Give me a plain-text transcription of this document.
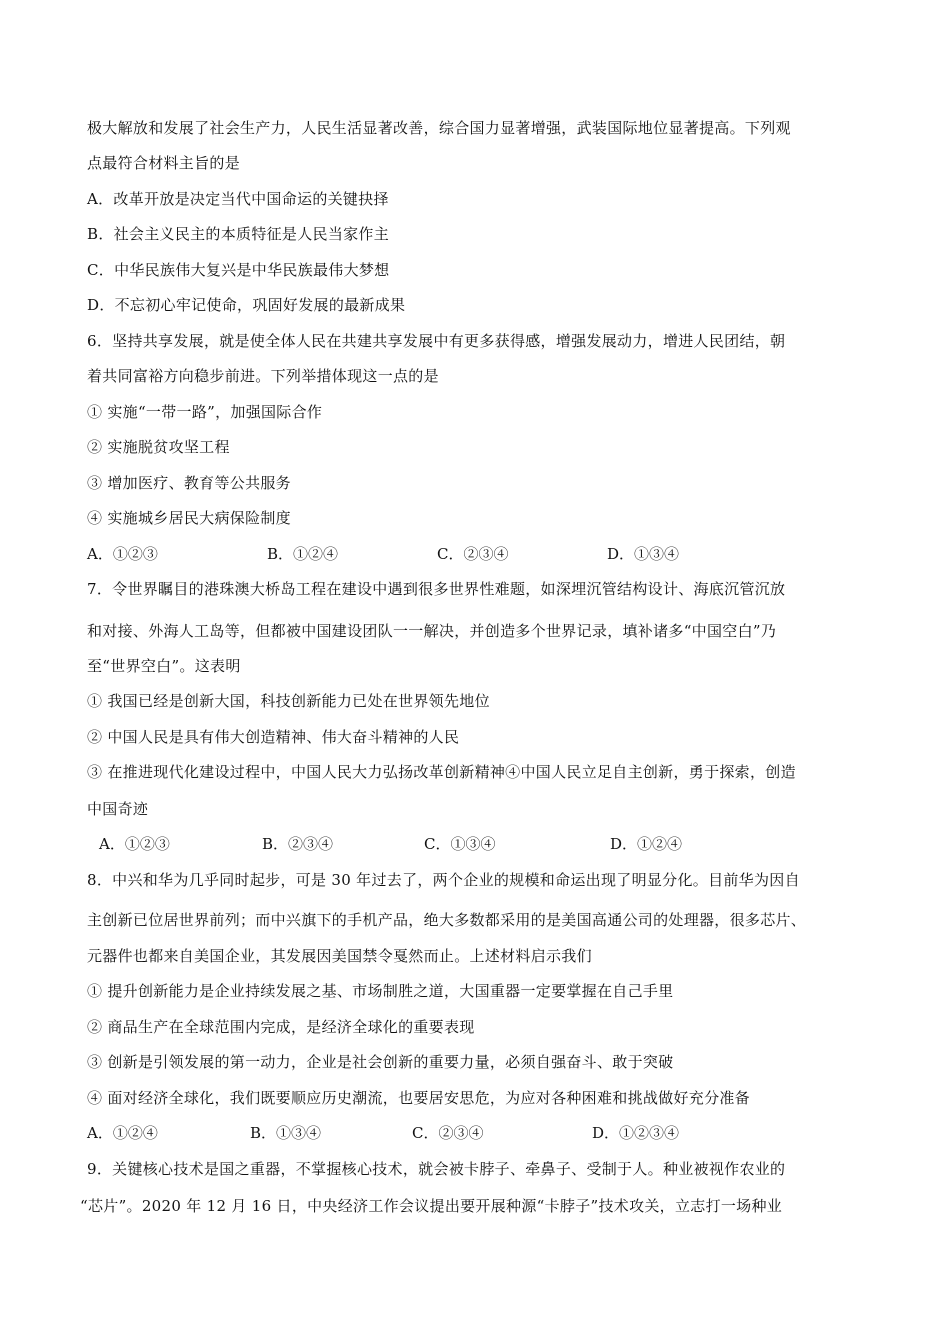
极大解放和发展了社会生产力，人民生活显著改善，综合国力显著增强，武装国际地位显著提高。下列观
点最符合材料主旨的是
A．改革开放是决定当代中国命运的关键抉择
B．社会主义民主的本质特征是人民当家作主
C．中华民族伟大复兴是中华民族最伟大梦想
D．不忘初心牢记使命，巩固好发展的最新成果
6．坚持共享发展，就是使全体人民在共建共享发展中有更多获得感，增强发展动力，增进人民团结，朝
着共同富裕方向稳步前进。下列举措体现这一点的是
① 实施“一带一路”，加强国际合作
② 实施脱贫攻坚工程
③ 增加医疗、教育等公共服务
④ 实施城乡居民大病保险制度
A．①②③	B．①②④	C．②③④	D．①③④
7．令世界瞩目的港珠澳大桥岛工程在建设中遇到很多世界性难题，如深埋沉管结构设计、海底沉管沉放
和对接、外海人工岛等，但都被中国建设团队一一解决，并创造多个世界记录，填补诸多“中国空白”乃
至“世界空白”。这表明
① 我国已经是创新大国，科技创新能力已处在世界领先地位
② 中国人民是具有伟大创造精神、伟大奋斗精神的人民
③ 在推进现代化建设过程中，中国人民大力弘扬改革创新精神④中国人民立足自主创新，勇于探索，创造
中国奇迹
A．①②③	B．②③④	C．①③④	D．①②④
8．中兴和华为几乎同时起步，可是 30 年过去了，两个企业的规模和命运出现了明显分化。目前华为因自
主创新已位居世界前列；而中兴旗下的手机产品，绝大多数都采用的是美国高通公司的处理器，很多芯片、
元器件也都来自美国企业，其发展因美国禁令戛然而止。上述材料启示我们
① 提升创新能力是企业持续发展之基、市场制胜之道，大国重器一定要掌握在自己手里
② 商品生产在全球范围内完成，是经济全球化的重要表现
③ 创新是引领发展的第一动力，企业是社会创新的重要力量，必须自强奋斗、敢于突破
④ 面对经济全球化，我们既要顺应历史潮流，也要居安思危，为应对各种困难和挑战做好充分准备
A．①②④	B．①③④	C．②③④	D．①②③④
9．关键核心技术是国之重器，不掌握核心技术，就会被卡脖子、牵鼻子、受制于人。种业被视作农业的
“芯片”。2020 年 12 月 16 日，中央经济工作会议提出要开展种源“卡脖子”技术攻关，立志打一场种业
